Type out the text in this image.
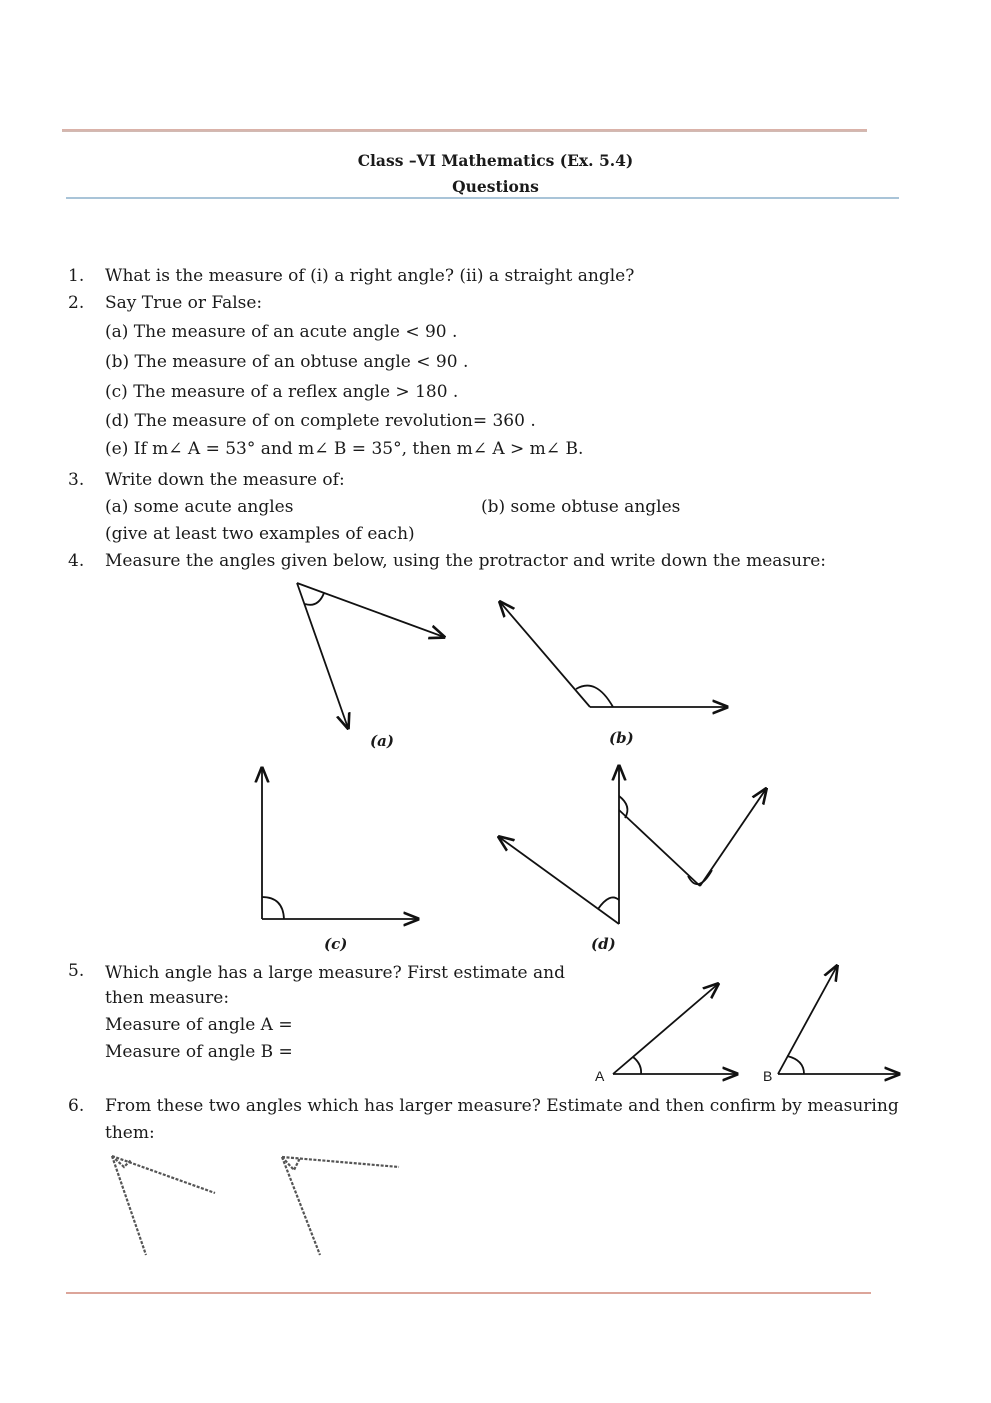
Class –VI Mathematics (Ex. 5.4)
Questions
1. What is the measure of (i) a right angle? (ii) a straight angle?
2. Say True or False:
(a) The measure of an acute angle < 90 .
(b) The measure of an obtuse angle < 90 .
(c) The measure of a reflex angle > 180 .
(d) The measure of on complete revolution= 360 .
(e) If m∠ A = 53° and m∠ B = 35°, then m∠ A > m∠ B.
3. Write down the measure of:
(a) some acute angles	(b) some obtuse angles
(give at least two examples of each)
4. Measure the angles given below, using the protractor and write down the measure:
(a)	(b)
(c)	(d)
5. Which angle has a large measure? First estimate and
then measure:
Measure of angle A =
Measure of angle B =
A	B
6. From these two angles which has larger measure? Estimate and then confirm by measuring
them:
